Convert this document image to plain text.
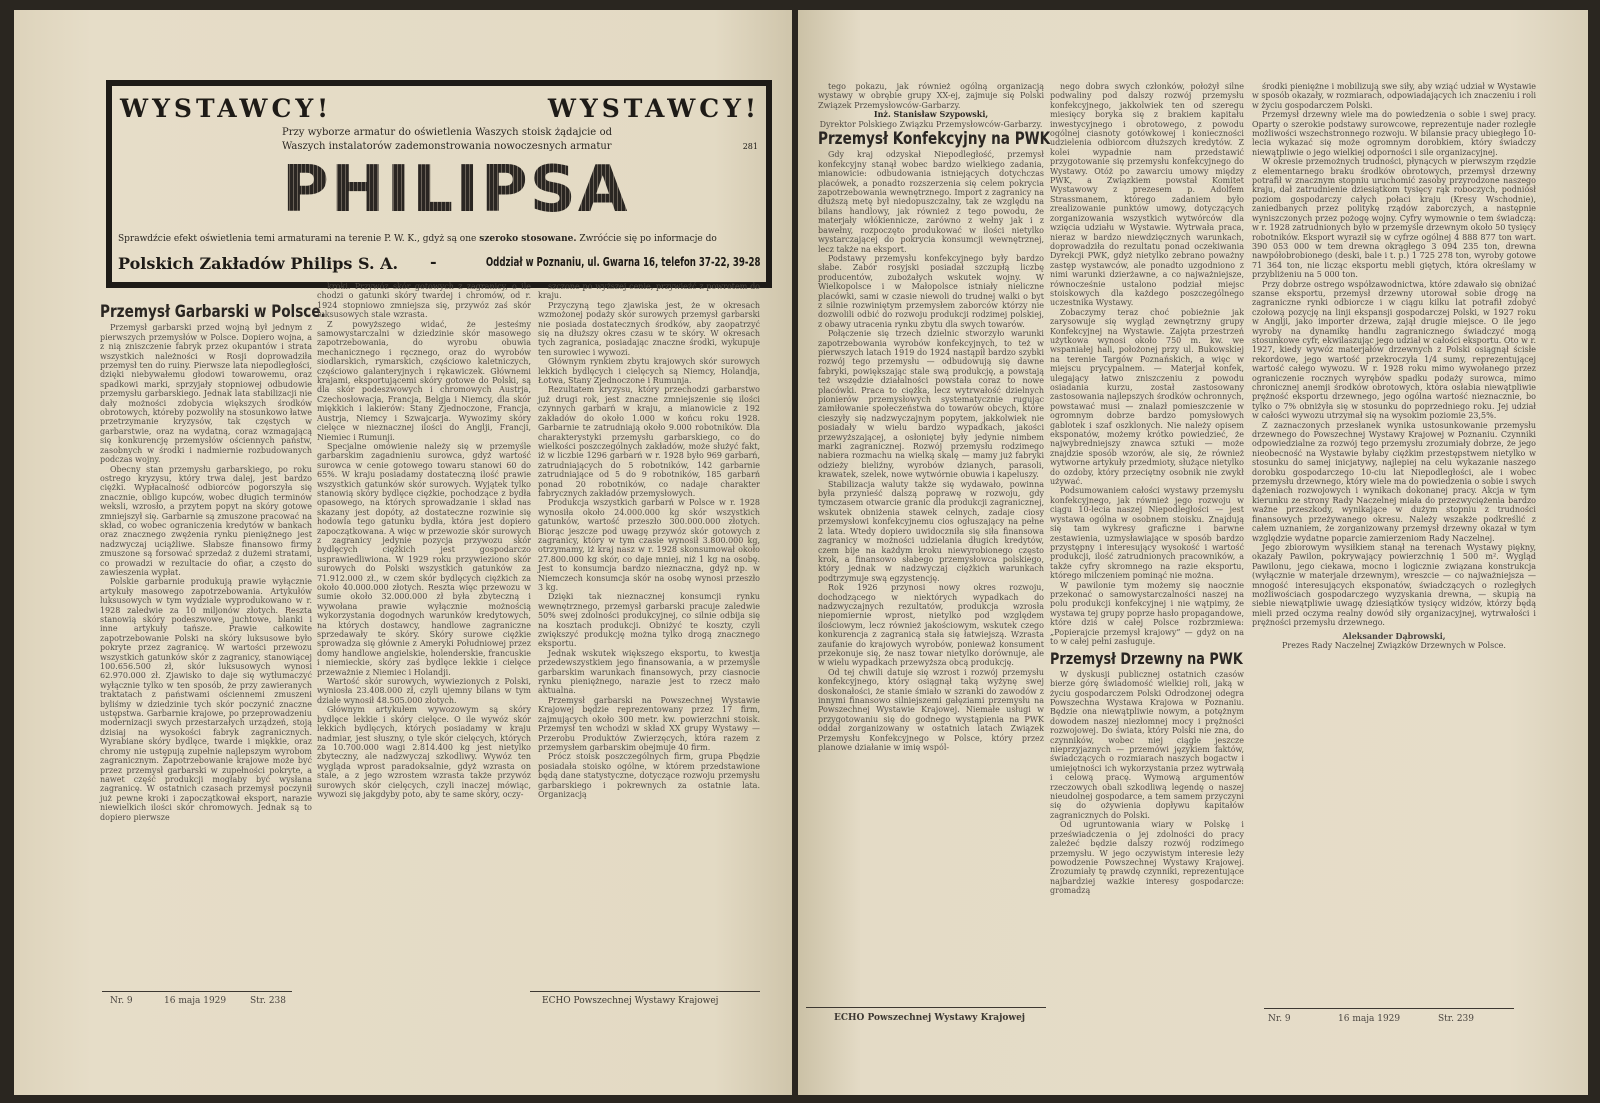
WYSTAWCY!	WYSTAWCY!
Przy wyborze armatur do oświetlenia Waszych stoisk żądajcie od Waszych instalatorów zademonstrowania nowoczesnych armatur	281
PHILIPSA
Sprawdźcie efekt oświetlenia temi armaturami na terenie P. W. K., gdyż są one szeroko stosowane. Zwróćcie się po informacje do
Polskich Zakładów Philips S. A. -	Oddział w Poznaniu, ul. Gwarna 16, telefon 37-22, 39-28
Przemysł Garbarski w Polsce.

Przemysł garbarski przed wojną był jednym z pierwszych przemysłów w Polsce. Dopiero wojna, a z nią zniszczenie fabryk przez okupantów i strata wszystkich należności w Rosji doprowadziła przemysł ten do ruiny. Pierwsze lata niepodległości, dzięki niebywałemu głodowi towarowemu, oraz spadkowi marki, sprzyjały stopniowej odbudowie przemysłu garbarskiego. Jednak lata stabilizacji nie dały możności zdobycia większych środków obrotowych, któreby pozwoliły na stosunkowo łatwe przetrzymanie kryzysów, tak częstych w garbarstwie, oraz na wydatną, coraz wzmagającą się konkurencję przemysłów ościennych państw, zasobnych w środki i nadmiernie rozbudowanych podczas wojny.

Obecny stan przemysłu garbarskiego, po roku ostrego kryzysu, który trwa dalej, jest bardzo ciężki. Wypłacalność odbiorców pogorszyła się znacznie, obligo kupców, wobec długich terminów weksli, wzrosło, a przytem popyt na skóry gotowe zmniejszył się. Garbarnie są zmuszone pracować na skład, co wobec ograniczenia kredytów w bankach oraz znacznego zwężenia rynku pieniężnego jest nadzwyczaj uciążliwe. Słabsze finansowo firmy zmuszone są forsować sprzedaż z dużemi stratami, co prowadzi w rezultacie do ofiar, a często do zawieszenia wypłat.

Polskie garbarnie produkują prawie wyłącznie artykuły masowego zapotrzebowania. Artykułów luksusowych w tym wydziale wyprodukowano w r. 1928 zaledwie za 10 miljonów złotych. Reszta stanowią skóry podeszwowe, juchtowe, blanki i inne artykuły tańsze. Prawie całkowite zapotrzebowanie Polski na skóry luksusowe było pokryte przez zagranicę. W wartości przewozu wszystkich gatunków skór z zagranicy, stanowiącej 100.656.500 zł, skór luksusowych wynosi 62.970.000 zł. Zjawisko to daje się wytłumaczyć wyłącznie tylko w ten sposób, że przy zawieranych traktatach z państwami ościennemi zmuszeni byliśmy w dziedzinie tych skór poczynić znaczne ustępstwa. Garbarnie krajowe, po przeprowadzeniu modernizacji swych przestarzałych urządzeń, stoją dzisiaj na wysokości fabryk zagranicznych. Wyrabiane skóry bydlęce, twarde i miękkie, oraz chromy nie ustępują zupełnie najlepszym wyrobom zagranicznym. Zapotrzebowanie krajowe może być przez przemysł garbarski w zupełności pokryte, a nawet część produkcji mogłaby być wysłana zagranicę. W ostatnich czasach przemysł poczynił już pewne kroki i zapoczątkował eksport, narazie niewielkich ilości skór chromowych. Jednak są to dopiero pierwsze

kroki. Przywóz skór gotowych z zagranicy, o ile chodzi o gatunki skóry twardej i chromów, od r. 1924 stopniowo zmniejsza się, przywóz zaś skór luksusowych stale wzrasta.

Z powyższego widać, że jesteśmy samowystarczalni w dziedzinie skór masowego zapotrzebowania, do wyrobu obuwia mechanicznego i ręcznego, oraz do wyrobów siodlarskich, rymarskich, częściowo kaletniczych, częściowo galanteryjnych i rękawiczek. Głównemi krajami, eksportującemi skóry gotowe do Polski, są dla skór podeszwowych i chromowych Austrja, Czechosłowacja, Francja, Belgja i Niemcy, dla skór miękkich i lakierów: Stany Zjednoczone, Francja, Austrja, Niemcy i Szwajcarja. Wywozimy skóry cielęce w nieznacznej ilości do Anglji, Francji, Niemiec i Rumunji.

Specjalne omówienie należy się w przemyśle garbarskim zagadnieniu surowca, gdyż wartość surowca w cenie gotowego towaru stanowi 60 do 65%. W kraju posiadamy dostateczną ilość prawie wszystkich gatunków skór surowych. Wyjątek tylko stanowią skóry bydlęce ciężkie, pochodzące z bydła opasowego, na których sprowadzanie i skład nas skazany jest dopóty, aż dostateczne rozwinie się hodowla tego gatunku bydła, która jest dopiero zapoczątkowana. A więc w przewozie skór surowych z zagranicy jedynie pozycja przywozu skór bydlęcych ciężkich jest gospodarczo usprawiedliwiona. W 1929 roku przywieziono skór surowych do Polski wszystkich gatunków za 71.912.000 zł., w czem skór bydlęcych ciężkich za około 40.000.000 złotych. Reszta więc przewozu w sumie około 32.000.000 zł była zbyteczną i wywołana prawie wyłącznie możnością wykorzystania dogodnych warunków kredytowych, na których dostawcy, handlowe zagraniczne sprzedawały te skóry. Skóry surowe ciężkie sprowadza się głównie z Ameryki Południowej przez domy handlowe angielskie, holenderskie, francuskie i niemieckie, skóry zaś bydlęce lekkie i cielęce przeważnie z Niemiec i Holandji.

Wartość skór surowych, wywiezionych z Polski, wyniosła 23.408.000 zł, czyli ujemny bilans w tym dziale wynosił 48.505.000 złotych.

Głównym artykułem wywozowym są skóry bydlęce lekkie i skóry cielęce. O ile wywóz skór lekkich bydlęcych, których posiadamy w kraju nadmiar, jest słuszny, o tyle skór cielęcych, których za 10.700.000 wagi 2.814.400 kg jest nietylko zbyteczny, ale nadzwyczaj szkodliwy. Wywóz ten wygląda wprost paradoksalnie, gdyż wzrasta on stale, a z jego wzrostem wzrasta także przywóz surowych skór cielęcych, czyli inaczej mówiąc, wywozi się jakgdyby poto, aby te same skóry, oczy-

szczone po wyższej cenie, przywieźć z powrotem do kraju.

Przyczyną tego zjawiska jest, że w okresach wzmożonej podaży skór surowych przemysł garbarski nie posiada dostatecznych środków, aby zaopatrzyć się na dłuższy okres czasu w te skóry. W okresach tych zagranica, posiadając znaczne środki, wykupuje ten surowiec i wywozi.

Głównym rynkiem zbytu krajowych skór surowych lekkich bydlęcych i cielęcych są Niemcy, Holandja, Łotwa, Stany Zjednoczone i Rumunja.

Rezultatem kryzysu, który przechodzi garbarstwo już drugi rok, jest znaczne zmniejszenie się ilości czynnych garbarń w kraju, a mianowicie z 192 zakładów do około 1.000 w końcu roku 1928. Garbarnie te zatrudniają około 9.000 robotników. Dla charakterystyki przemysłu garbarskiego, co do wielkości poszczególnych zakładów, może służyć fakt, iż w liczbie 1296 garbarń w r. 1928 było 969 garbarń, zatrudniających do 5 robotników, 142 garbarnie zatrudniające od 5 do 9 robotników, 185 garbarń ponad 20 robotników, co nadaje charakter fabrycznych zakładów przemysłowych.

Produkcja wszystkich garbarń w Polsce w r. 1928 wynosiła około 24.000.000 kg skór wszystkich gatunków, wartość przeszło 300.000.000 złotych. Biorąc jeszcze pod uwagę przywóz skór gotowych z zagranicy, który w tym czasie wynosił 3.800.000 kg, otrzymamy, iż kraj nasz w r. 1928 skonsumował około 27.800.000 kg skór, co daje mniej, niż 1 kg na osobę. Jest to konsumcja bardzo nieznaczna, gdyż np. w Niemczech konsumcja skór na osobę wynosi przeszło 3 kg.

Dzięki tak nieznacznej konsumcji rynku wewnętrznego, przemysł garbarski pracuje zaledwie 50% swej zdolności produkcyjnej, co silnie odbija się na kosztach produkcji. Obniżyć te koszty, czyli zwiększyć produkcję można tylko drogą znacznego eksportu.

Jednak wskutek większego eksportu, to kwestja przedewszystkiem jego finansowania, a w przemyśle garbarskim warunkach finansowych, przy ciasnocie rynku pieniężnego, narazie jest to rzecz mało aktualna.

Przemysł garbarski na Powszechnej Wystawie Krajowej będzie reprezentowany przez 17 firm, zajmujących około 300 metr. kw. powierzchni stoisk. Przemysł ten wchodzi w skład XX grupy Wystawy — Przerobu Produktów Zwierzęcych, która razem z przemysłem garbarskim obejmuje 40 firm.

Prócz stoisk poszczególnych firm, grupa Pbędzie posiadała stoisko ogólne, w którem przedstawione będą dane statystyczne, dotyczące rozwoju przemysłu garbarskiego i pokrewnych za ostatnie lata. Organizacją

Nr. 9	16 maja 1929	Str. 238	ECHO Powszechnej Wystawy Krajowej

tego pokazu, jak również ogólną organizacją wystawy w obrębie grupy XX-ej, zajmuje się Polski Związek Przemysłowców-Garbarzy.

Inż. Stanisław Szypowski,

Dyrektor Polskiego Związku Przemysłowców-Garbarzy.

Przemysł Konfekcyjny na PWK

Gdy kraj odzyskał Niepodległość, przemysł konfekcyjny stanął wobec bardzo wielkiego zadania, mianowicie: odbudowania istniejących dotychczas placówek, a ponadto rozszerzenia się celem pokrycia zapotrzebowania wewnętrznego. Import z zagranicy na dłuższą metę był niedopuszczalny, tak ze względu na bilans handlowy, jak również z tego powodu, że materjały włókiennicze, zarówno z wełny jak i z bawełny, rozpoczęto produkować w ilości nietylko wystarczającej do pokrycia konsumcji wewnętrznej, lecz także na eksport.

Podstawy przemysłu konfekcyjnego były bardzo słabe. Zabór rosyjski posiadał szczupłą liczbę producentów, zubożałych wskutek wojny. W Wielkopolsce i w Małopolsce istniały nieliczne placówki, sami w czasie niewoli do trudnej walki o byt z silnie rozwiniętym przemysłem zaborców którzy nie dozwolili odbić do rozwoju produkcji rodzimej polskiej, z obawy utracenia rynku zbytu dla swych towarów.

Połączenie się trzech dzielnic stworzyło warunki zapotrzebowania wyrobów konfekcyjnych, to też w pierwszych latach 1919 do 1924 nastąpił bardzo szybki rozwój tego przemysłu — odbudowują się dawne fabryki, powiększając stale swą produkcję, a powstają też wszędzie działalności powstała coraz to nowe placówki. Praca to ciężka, lecz wytrwałość dzielnych pionierów przemysłowych systematycznie rugując zamiłowanie społeczeństwa do towarów obcych, które cieszyły się nadzwyczajnym popytem, jakkolwiek nie posiadały w wielu bardzo wypadkach, jakości przewyższającej, a osłoniętej były jedynie nimbem marki zagranicznej. Rozwój przemysłu rodzimego nabiera rozmachu na wielką skalę — mamy już fabryki odzieży bieliźny, wyrobów dzianych, parasoli, krawatek, szelek, nowe wytwórnie obuwia i kapeluszy.

Stabilizacja waluty także się wydawało, powinna była przynieść dalszą poprawę w rozwoju, gdy tymczasem otwarcie granic dla produkcji zagranicznej, wskutek obniżenia stawek celnych, zadaje ciosy przemysłowi konfekcyjnemu cios ogłuszający na pełne 2 lata. Wtedy dopiero uwidoczniła się siła finansowa zagranicy w możności udzielania długich kredytów, czem bije na każdym kroku niewyrobionego często krok, a finansowo słabego przemysłowca polskiego, który jednak w nadzwyczaj ciężkich warunkach podtrzymuje swą egzystencję.

Rok 1926 przynosi nowy okres rozwoju, dochodzącego w niektórych wypadkach do nadzwyczajnych rezultatów, produkcja wzrosła niepomiernie wprost, nietylko pod względem ilościowym, lecz również jakościowym, wskutek czego konkurencja z zagranicą stała się łatwiejszą. Wzrasta zaufanie do krajowych wyrobów, ponieważ konsument przekonuje się, że nasz towar nietylko dorównuje, ale w wielu wypadkach przewyższa obcą produkcję.

Od tej chwili datuje się wzrost i rozwój przemysłu konfekcyjnego, który osiągnął taką wyżynę swej doskonałości, że stanie śmiało w szranki do zawodów z innymi finansowo silniejszemi gałęziami przemysłu na Powszechnej Wystawie Krajowej. Niemałe usługi w przygotowaniu się do godnego wystąpienia na PWK oddał zorganizowany w ostatnich latach Związek Przemysłu Konfekcyjnego w Polsce, który przez planowe działanie w imię wspól-

nego dobra swych członków, położył silne podwaliny pod dalszy rozwój przemysłu konfekcyjnego, jakkolwiek ten od szeregu miesięcy boryka się z brakiem kapitału inwestycyjnego i obrotowego, z powodu ogólnej ciasnoty gotówkowej i konieczności udzielenia odbiorcom dłuższych kredytów. Z kolei wypadnie nam przedstawić przygotowanie się przemysłu konfekcyjnego do Wystawy. Otóż po zawarciu umowy między PWK, a Związkiem powstał Komitet Wystawowy z prezesem p. Adolfem Strassmanem, którego zadaniem było zrealizowanie punktów umowy, dotyczących zorganizowania wszystkich wytwórców dla wzięcia udziału w Wystawie. Wytrwała praca, nieraz w bardzo niewdzięcznych warunkach, doprowadziła do rezultatu ponad oczekiwania Dyrekcji PWK, gdyż nietylko zebrano poważny zastęp wystawców, ale ponadto uzgodniono z nimi warunki dzierżawne, a co najważniejsze, równocześnie ustalono podział miejsc stoiskowych dla każdego poszczególnego uczestnika Wystawy.

Zobaczymy teraz choć pobieżnie jak zarysowuje się wygląd zewnętrzny grupy Konfekcyjnej na Wystawie. Zajęta przestrzeń użytkowa wynosi około 750 m. kw. we wspaniałej hali, położonej przy ul. Bukowskiej na terenie Targów Poznańskich, a więc w miejscu prycypalnem. — Materjał konfek, ulegający łatwo zniszczeniu z powodu osiadania kurzu, został zastosowany zastosowania najlepszych środków ochronnych, powstawać musi — znalazł pomieszczenie w ogromnym dobrze bardzo pomysłowych gablotek i szaf oszklonych. Nie należy opisem eksponatów, możemy krótko powiedzieć, że najwybredniejszy znawca sztuki — może znajdzie sposób wzorów, ale się, że również wytworne artykuły przedmioty, służące nietylko do ozdoby, który przeciętny osobnik nie zwykł używać.

Podsumowaniem całości wystawy przemysłu konfekcyjnego, jak również jego rozwoju w ciągu 10-lecia naszej Niepodległości — jest wystawa ogólna w osobnem stoisku. Znajdują się tam wykresy graficzne i barwne zestawienia, uzmysławiające w sposób bardzo przystępny i interesujący wysokość i wartość produkcji, ilość zatrudnionych pracowników, a także cyfry skromnego na razie eksportu, którego milczeniem pominąć nie można.

W pawilonie tym możemy się naocznie przekonać o samowystarczalności naszej na polu produkcji konfekcyjnej i nie wątpimy, że wystawa tej grupy poprze hasło propagandowe, które dziś w całej Polsce rozbrzmiewa: „Popierajcie przemysł krajowy” — gdyż on na to w całej pełni zasługuje.

Przemysł Drzewny na PWK

W dyskusji publicznej ostatnich czasów bierze górę świadomość wielkiej roli, jaką w życiu gospodarczem Polski Odrodzonej odegra Powszechna Wystawa Krajowa w Poznaniu. Będzie ona niewątpliwie nowym, a potężnym dowodem naszej niezłomnej mocy i prężności rozwojowej. Do świata, który Polski nie zna, do czynników, wobec niej ciągle jeszcze nieprzyjaznych — przemówi językiem faktów, świadczących o rozmiarach naszych bogactw i umiejętności ich wykorzystania przez wytrwałą i celową pracę. Wymową argumentów rzeczowych obali szkodliwą legendę o naszej nieudolnej gospodarce, a tem samem przyczyni się do ożywienia dopływu kapitałów zagranicznych do Polski.

Od ugruntowania wiary w Polskę i przeświadczenia o jej zdolności do pracy zależeć będzie dalszy rozwój rodzimego przemysłu. W jego oczywistym interesie leży powodzenie Powszechnej Wystawy Krajowej. Zrozumiały tę prawdę czynniki, reprezentujące najbardziej ważkie interesy gospodarcze: gromadzą

środki pieniężne i mobilizują swe siły, aby wziąć udział w Wystawie w sposób okazały, w rozmiarach, odpowiadających ich znaczeniu i roli w życiu gospodarczem Polski.

Przemysł drzewny wiele ma do powiedzenia o sobie i swej pracy. Oparty o szerokie podstawy surowcowe, reprezentuje nader rozległe możliwości wszechstronnego rozwoju. W bilansie pracy ubiegłego 10-lecia wykazać się może ogromnym dorobkiem, który świadczy niewątpliwie o jego wielkiej odporności i sile organizacyjnej.

W okresie przemożnych trudności, płynących w pierwszym rzędzie z elementarnego braku środków obrotowych, przemysł drzewny potrafił w znacznym stopniu uruchomić zasoby przyrodzone naszego kraju, dał zatrudnienie dziesiątkom tysięcy rąk roboczych, podniósł poziom gospodarczy całych połaci kraju (Kresy Wschodnie), zaniedbanych przez politykę rządów zaborczych, a następnie wyniszczonych przez pożogę wojny. Cyfry wymownie o tem świadczą: w r. 1928 zatrudnionych było w przemyśle drzewnym około 50 tysięcy robotników. Eksport wyraził się w cyfrze ogólnej 4 888 877 ton wart. 390 053 000 w tem drewna okrągłego 3 094 235 ton, drewna nawpółobrobionego (deski, bale i t. p.) 1 725 278 ton, wyroby gotowe 71 364 ton, nie licząc eksportu mebli giętych, która określamy w przybliżeniu na 5 000 ton.

Przy dobrze ostrego współzawodnictwa, które zdawało się obniżać szanse eksportu, przemysł drzewny utorował sobie drogę na zagraniczne rynki odbiorcze i w ciągu kilku lat potrafił zdobyć czołową pozycję na linji ekspansji gospodarczej Polski, w 1927 roku w Anglji, jako importer drzewa, zajął drugie miejsce. O ile jego wyroby na dynamikę handlu zagranicznego świadczyć mogą stosunkowe cyfr, ekwilaszując jego udział w całości eksportu. Oto w r. 1927, kiedy wywóz materjałów drzewnych z Polski osiągnął ścisłe rekordowe, jego wartość przekroczyła 1/4 sumy, reprezentującej wartość całego wywozu. W r. 1928 roku mimo wywołanego przez ograniczenie rocznych wyrębów spadku podaży surowca, mimo chronicznej anemji środków obrotowych, która osłabia niewątpliwie prężność eksportu drzewnego, jego ogólna wartość nieznacznie, bo tylko o 7% obniżyła się w stosunku do poprzedniego roku. Jej udział w całości wywozu utrzymał się na wysokim poziomie 23,5%.

Z zaznaczonych przesłanek wynika ustosunkowanie przemysłu drzewnego do Powszechnej Wystawy Krajowej w Poznaniu. Czynniki odpowiedzialne za rozwój tego przemysłu zrozumiały dobrze, że jego nieobecność na Wystawie byłaby ciężkim przestępstwem nietylko w stosunku do samej inicjatywy, najlepiej na celu wykazanie naszego dorobku gospodarczego 10-ciu lat Niepodległości, ale i wobec przemysłu drzewnego, który wiele ma do powiedzenia o sobie i swych dążeniach rozwojowych i wynikach dokonanej pracy. Akcja w tym kierunku ze strony Rady Naczelnej miała do przezwyciężenia bardzo ważne przeszkody, wynikające w dużym stopniu z trudności finansowych przeżywanego okresu. Należy wszakże podkreślić z całem uznaniem, że zorganizowany przemysł drzewny okazał w tym względzie wydatne poparcie zamierzeniom Rady Naczelnej.

Jego zbiorowym wysiłkiem stanął na terenach Wystawy piękny, okazały Pawilon, pokrywający powierzchnię 1 500 m². Wygląd Pawilonu, jego ciekawa, mocno i logicznie związana konstrukcja (wyłącznie w materjale drzewnym), wreszcie — co najważniejsza — mnogość interesujących eksponatów, świadczących o rozległych możliwościach gospodarczego wyzyskania drewna, — skupią na siebie niewątpliwie uwagę dziesiątków tysięcy widzów, którzy będą mieli przed oczyma realny dowód siły organizacyjnej, wytrwałości i prężności przemysłu drzewnego.

Aleksander Dąbrowski,
Prezes Rady Naczelnej Związków Drzewnych w Polsce.
ECHO Powszechnej Wystawy Krajowej	Nr. 9	16 maja 1929	Str. 239
